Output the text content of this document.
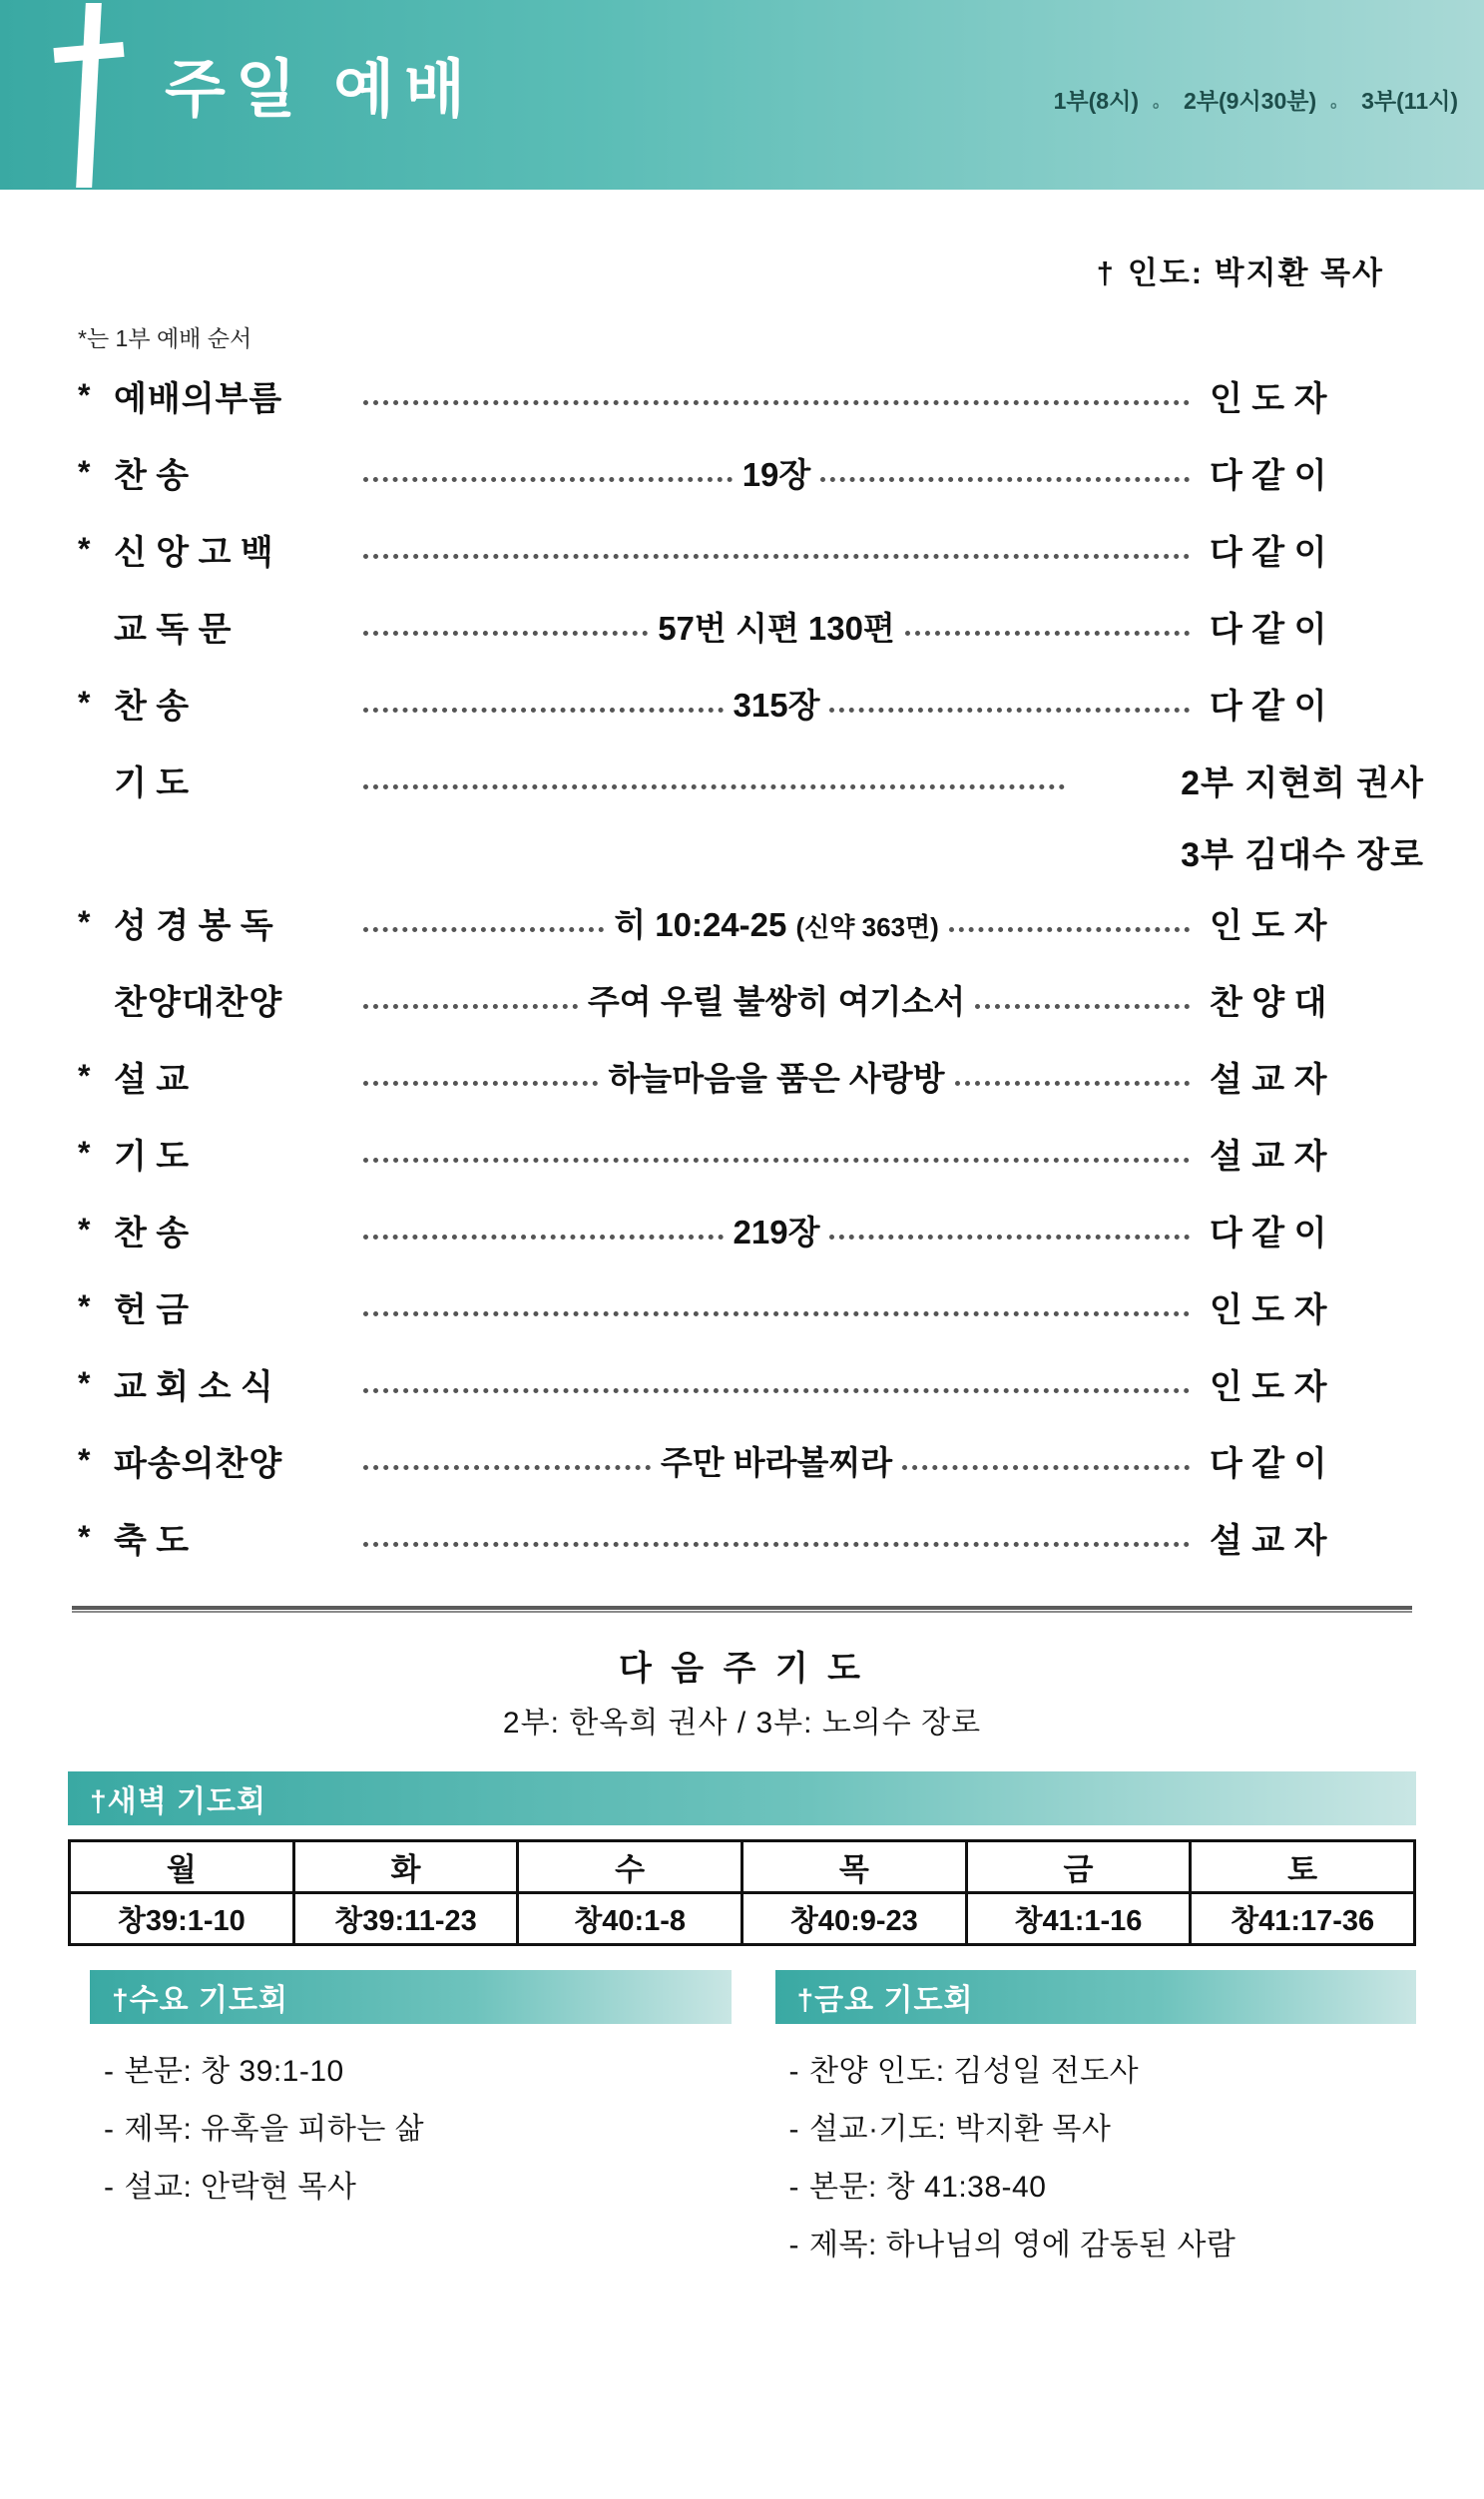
주일 예배	1부(8시) 。 2부(9시30분) 。 3부(11시)
† 인도: 박지환 목사
*는 1부 예배 순서
* 예배의부름	인 도 자
* 찬 송	19장	다 같 이
* 신 앙 고 백	다 같 이
교 독 문	57번 시편 130편	다 같 이
* 찬 송	315장	다 같 이
기 도	2부 지현희 권사
3부 김대수 장로
* 성 경 봉 독	히 10:24-25 (신약 363면)	인 도 자
찬양대찬양	주여 우릴 불쌍히 여기소서	찬 양 대
* 설 교	하늘마음을 품은 사랑방	설 교 자
* 기 도	설 교 자
* 찬 송	219장	다 같 이
* 헌 금	인 도 자
* 교 회 소 식	인 도 자
* 파송의찬양	주만 바라볼찌라	다 같 이
* 축 도	설 교 자
다 음 주 기 도
2부: 한옥희 권사 / 3부: 노의수 장로
†새벽 기도회
월	화	수	목	금	토
창39:1-10	창39:11-23	창40:1-8	창40:9-23	창41:1-16	창41:17-36
†수요 기도회
- 본문: 창 39:1-10
- 제목: 유혹을 피하는 삶
- 설교: 안락현 목사
†금요 기도회
- 찬양 인도: 김성일 전도사
- 설교·기도: 박지환 목사
- 본문: 창 41:38-40
- 제목: 하나님의 영에 감동된 사람
